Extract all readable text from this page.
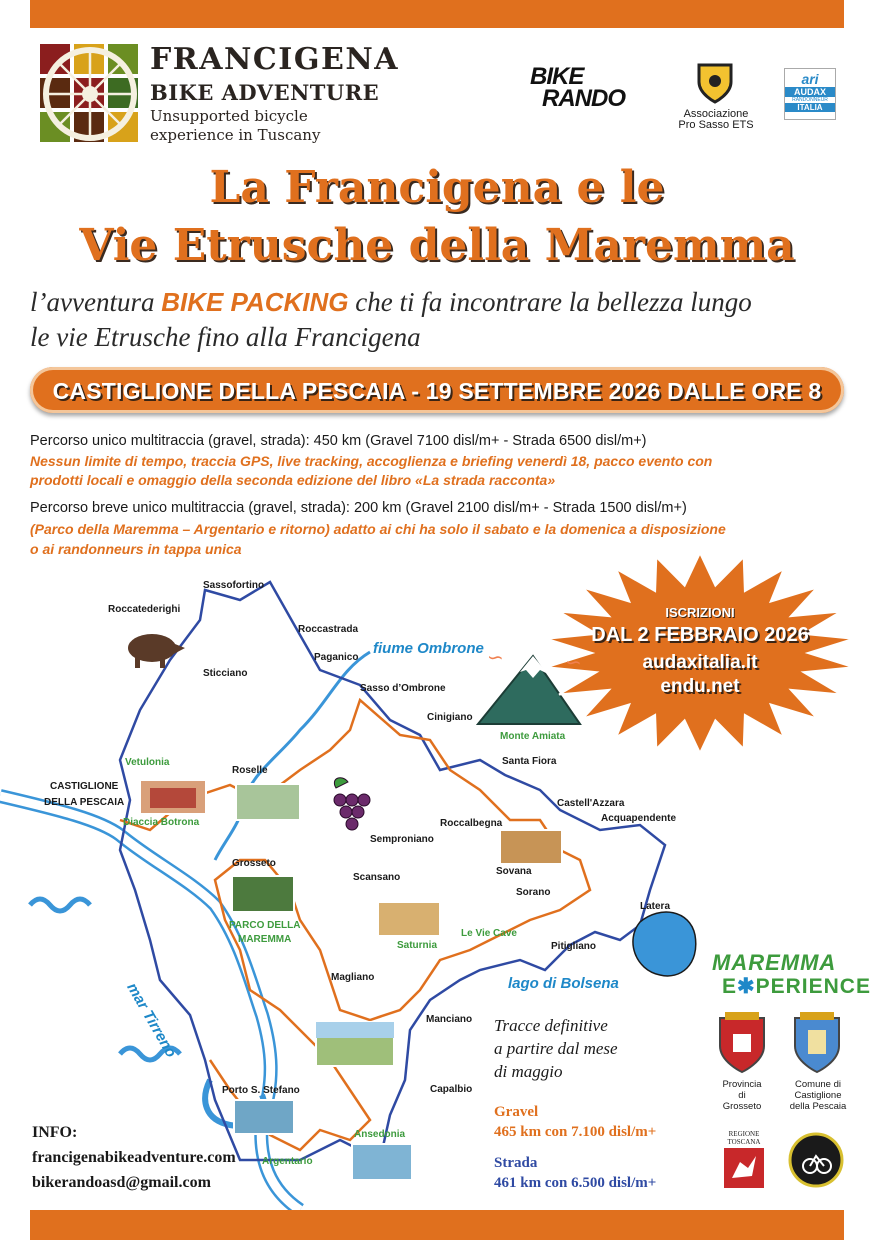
FRANCIGENA
BIKE ADVENTURE
Unsupported bicycle
experience in Tuscany
BIKE
RANDO
Associazione
Pro Sasso ETS
ari
AUDAX
RANDONNEUR
ITALIA
La Francigena e le
Vie Etrusche della Maremma
l’avventura BIKE PACKING che ti fa incontrare la bellezza lungo
le vie Etrusche fino alla Francigena
CASTIGLIONE DELLA PESCAIA - 19 SETTEMBRE 2026 DALLE ORE 8
Percorso unico multitraccia (gravel, strada): 450 km (Gravel 7100 disl/m+ - Strada 6500 disl/m+)
Nessun limite di tempo, traccia GPS, live tracking, accoglienza e briefing venerdì 18, pacco evento con
prodotti locali e omaggio della seconda edizione del libro «La strada racconta»
Percorso breve unico multitraccia (gravel, strada): 200 km (Gravel 2100 disl/m+ - Strada 1500 disl/m+)
(Parco della Maremma – Argentario e ritorno) adatto ai chi ha solo il sabato e la domenica a disposizione
o ai randonneurs in tappa unica
Sassofortino
Roccatederighi
Roccastrada
Paganico
Sticciano
Sasso d’Ombrone
Cinigiano
CASTIGLIONE
DELLA PESCAIA
Roselle
Santa Fiora
Castell'Azzara
Acquapendente
Roccalbegna
Semproniano
Grosseto
Scansano
Sovana
Sorano
Latera
Pitigliano
Magliano
Manciano
Capalbio
Porto S. Stefano
Vetulonia
Diaccia Botrona
Monte Amiata
PARCO DELLA
MAREMMA
Saturnia
Le Vie Cave
Ansedonia
Argentario
fiume Ombrone
mar Tirreno	lago di Bolsena
ISCRIZIONI
DAL 2 FEBBRAIO 2026
audaxitalia.it
endu.net
∽	∽
Tracce definitive
a partire dal mese
di maggio
Gravel
465 km con 7.100 disl/m+
Strada
461 km con 6.500 disl/m+
INFO:
francigenabikeadventure.com
bikerandoasd@gmail.com
MAREMMA
E✱PERIENCE
Provincia
di
Grosseto
Comune di
Castiglione
della Pescaia
REGIONE
TOSCANA
